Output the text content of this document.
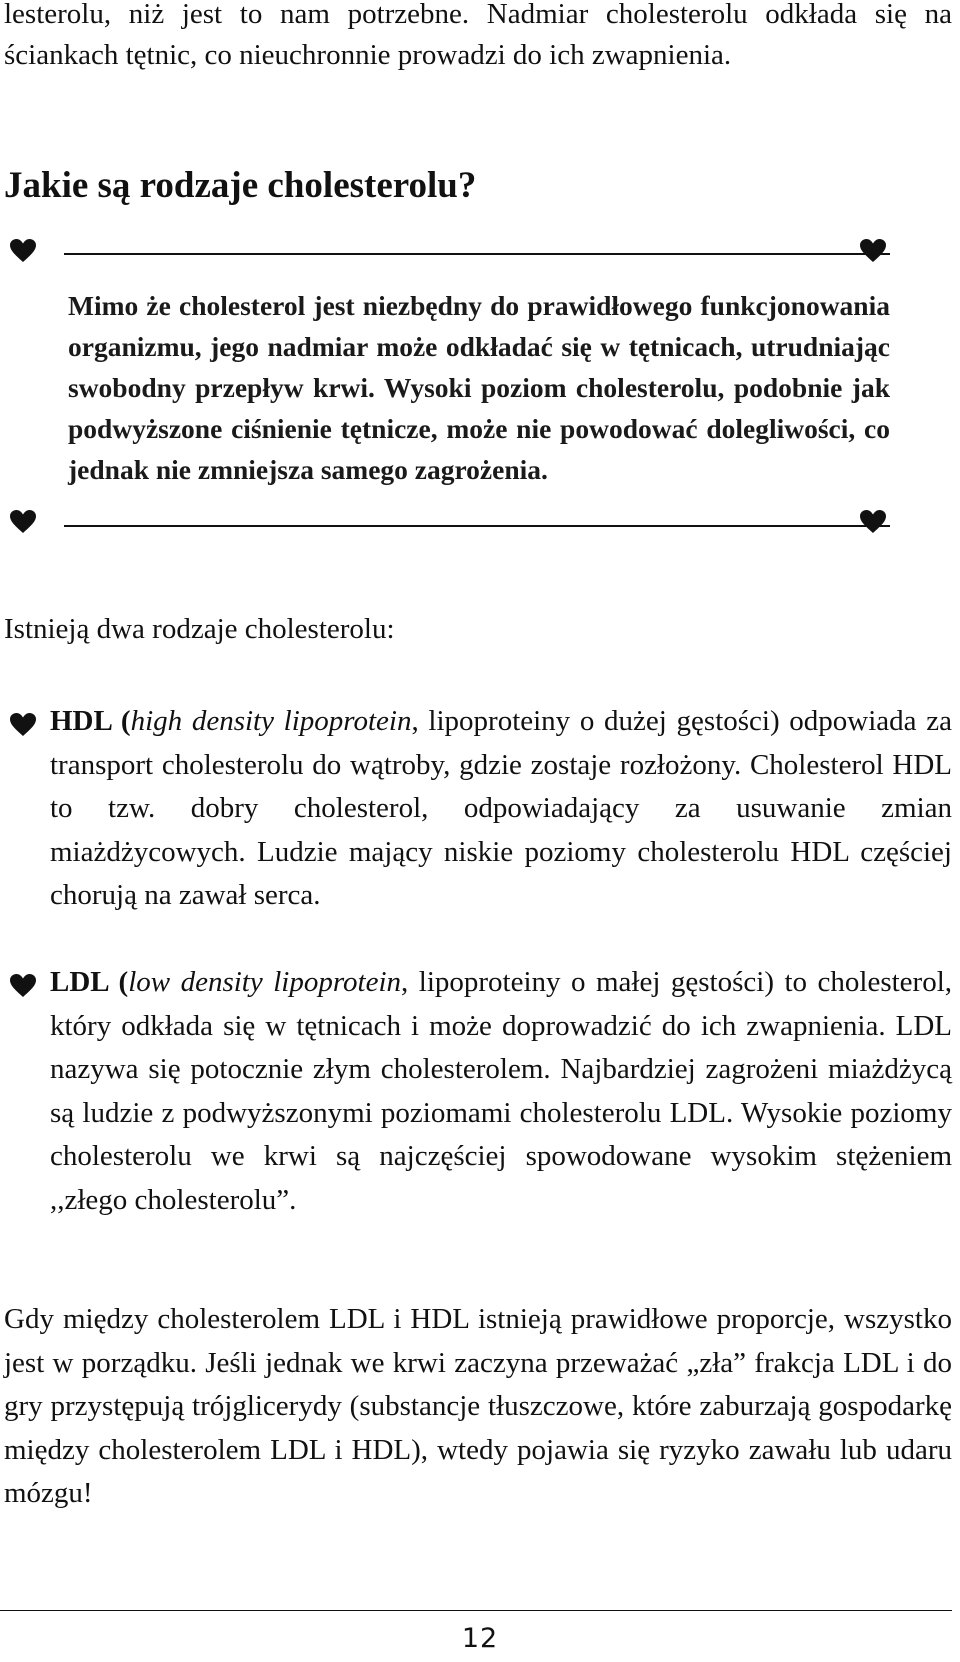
lesterolu, niż jest to nam potrzebne. Nadmiar cholesterolu odkłada się na ściankach tętnic, co nieuchronnie prowadzi do ich zwapnienia.

Jakie są rodzaje cholesterolu?

Mimo że cholesterol jest niezbędny do prawidłowego funkcjonowania organizmu, jego nadmiar może odkładać się w tętnicach, utrudniając swobodny przepływ krwi. Wysoki poziom cholesterolu, podobnie jak podwyższone ciśnienie tętnicze, może nie powodować dolegliwości, co jednak nie zmniejsza samego zagrożenia.

Istnieją dwa rodzaje cholesterolu:

HDL (high density lipoprotein, lipoproteiny o dużej gęstości) odpowiada za transport cholesterolu do wątroby, gdzie zostaje rozłożony. Cholesterol HDL to tzw. dobry cholesterol, odpowiadający za usuwanie zmian miażdżycowych. Ludzie mający niskie poziomy cholesterolu HDL częściej chorują na zawał serca.

LDL (low density lipoprotein, lipoproteiny o małej gęstości) to cholesterol, który odkłada się w tętnicach i może doprowadzić do ich zwapnienia. LDL nazywa się potocznie złym cholesterolem. Najbardziej zagrożeni miażdżycą są ludzie z podwyższonymi poziomami cholesterolu LDL. Wysokie poziomy cholesterolu we krwi są najczęściej spowodowane wysokim stężeniem ,,złego cholesterolu”.

Gdy między cholesterolem LDL i HDL istnieją prawidłowe proporcje, wszystko jest w porządku. Jeśli jednak we krwi zaczyna przeważać „zła” frakcja LDL i do gry przystępują trójglicerydy (substancje tłuszczowe, które zaburzają gospodarkę między cholesterolem LDL i HDL), wtedy pojawia się ryzyko zawału lub udaru mózgu!

12
